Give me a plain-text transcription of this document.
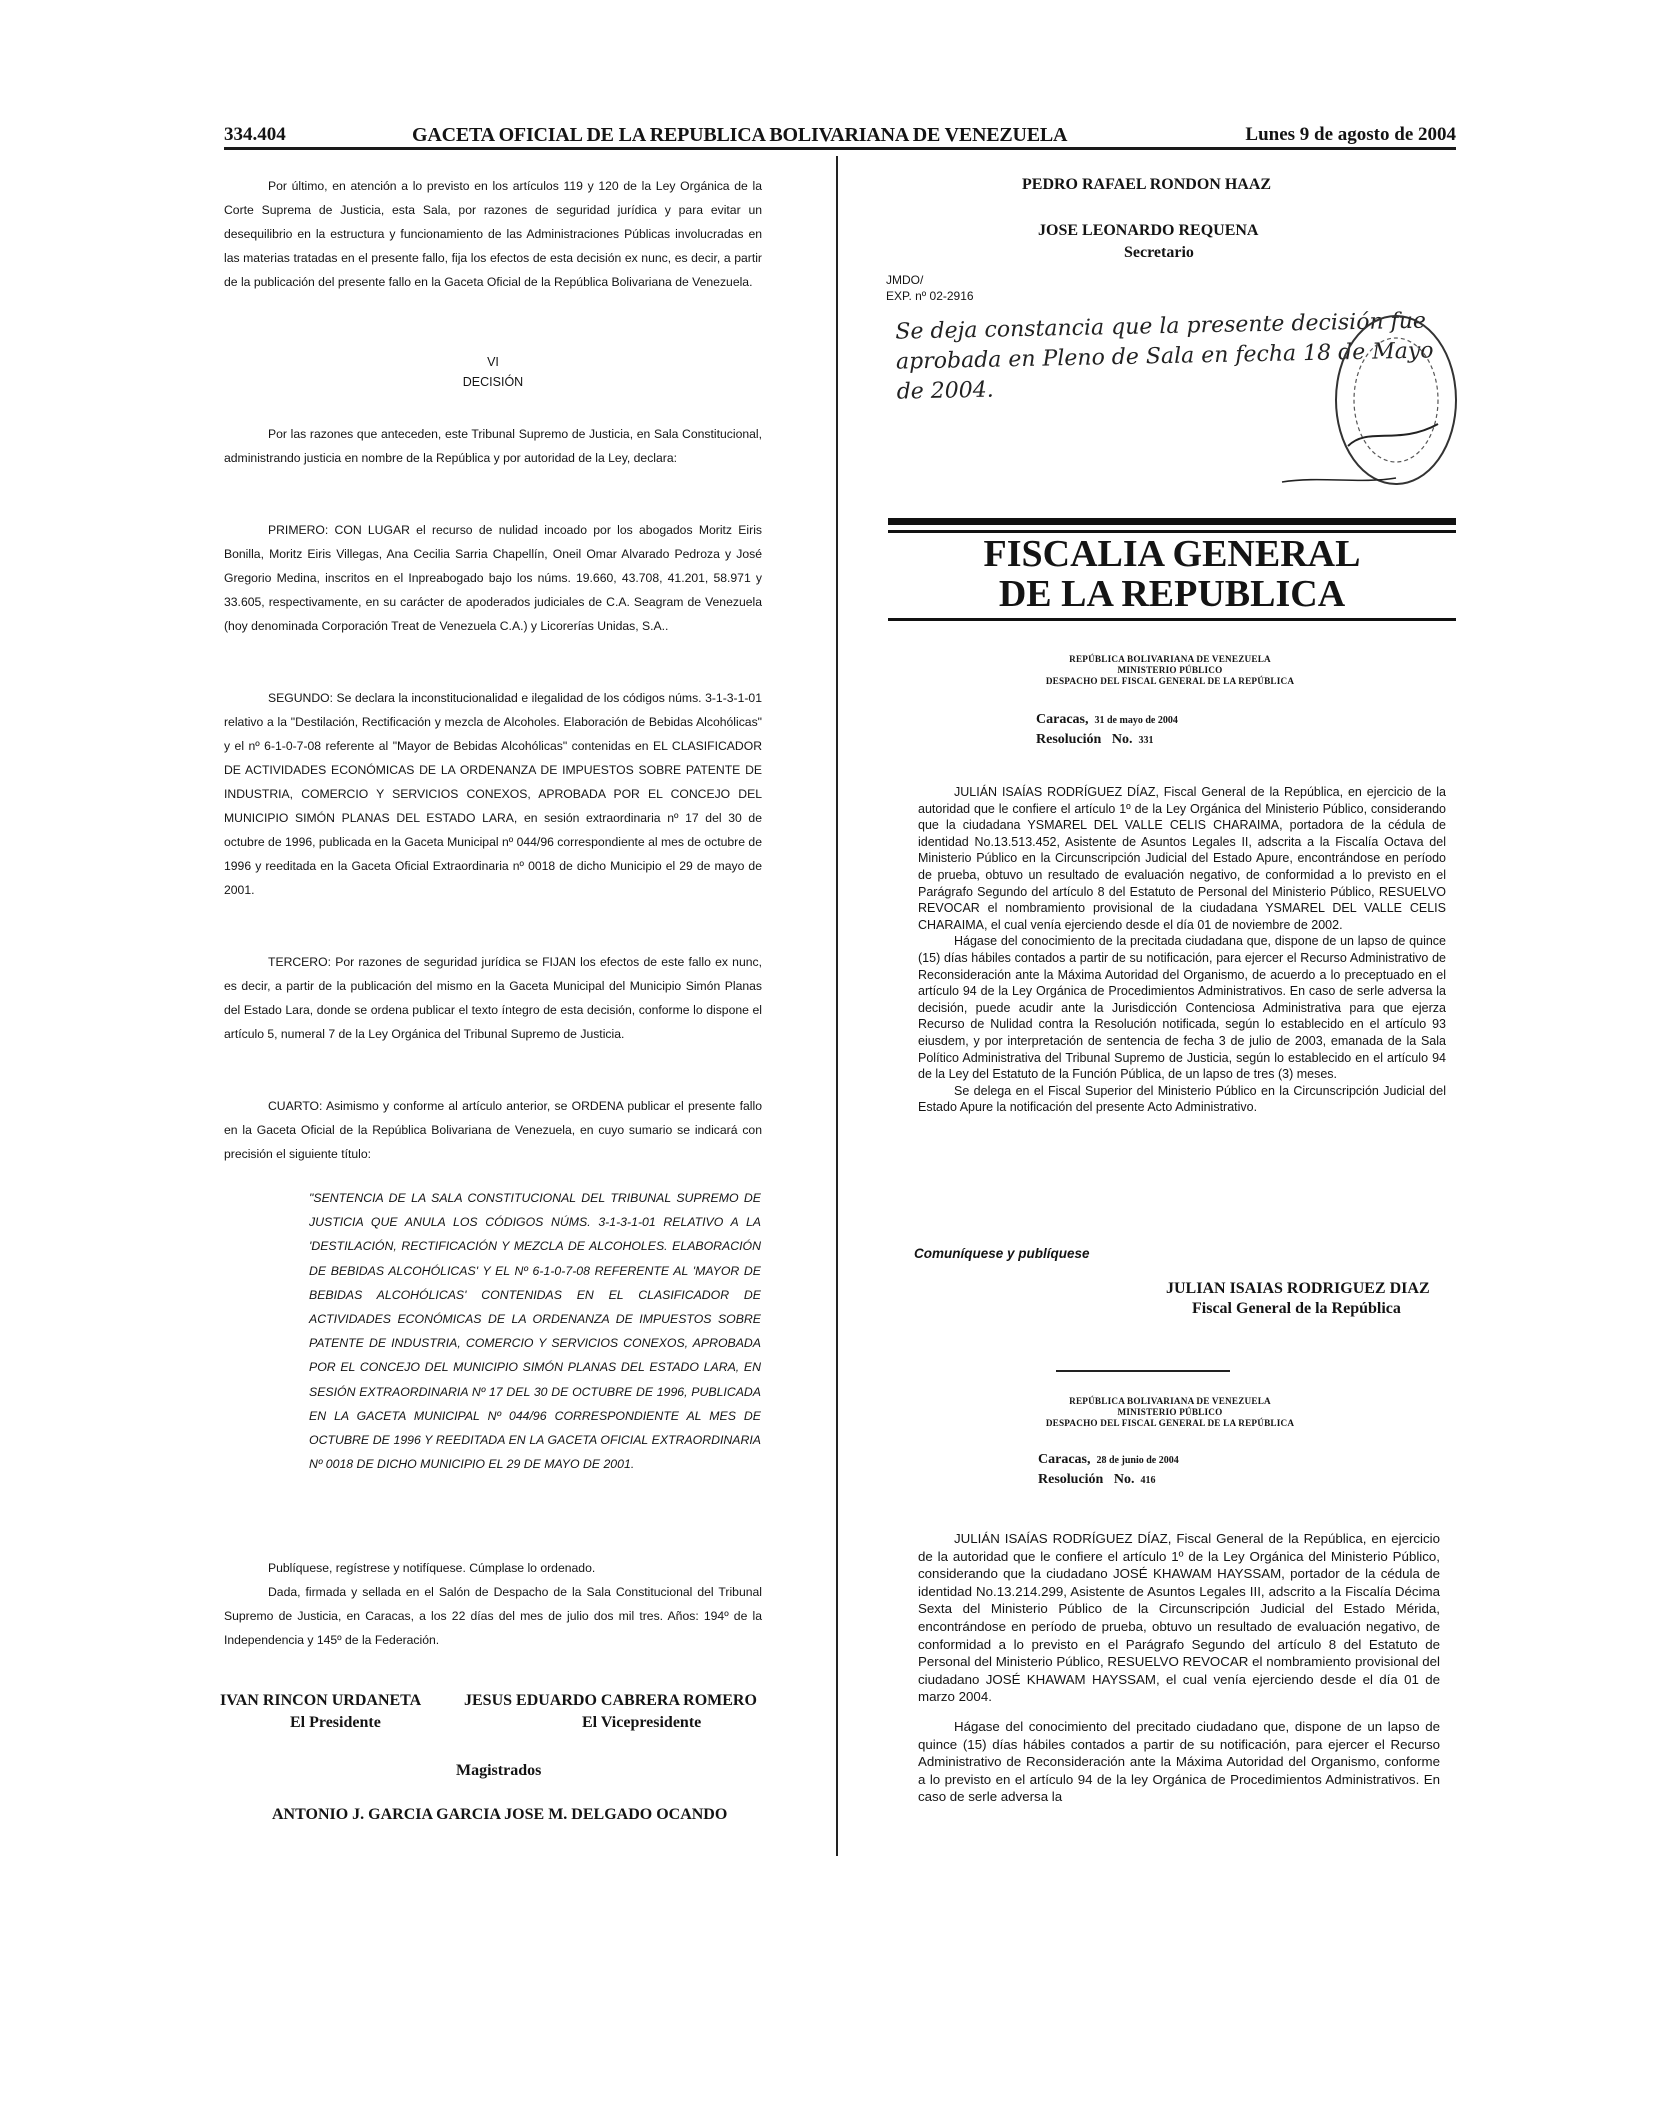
334.404	GACETA OFICIAL DE LA REPUBLICA BOLIVARIANA DE VENEZUELA	Lunes 9 de agosto de 2004

Por último, en atención a lo previsto en los artículos 119 y 120 de la Ley Orgánica de la Corte Suprema de Justicia, esta Sala, por razones de seguridad jurídica y para evitar un desequilibrio en la estructura y funcionamiento de las Administraciones Públicas involucradas en las materias tratadas en el presente fallo, fija los efectos de esta decisión ex nunc, es decir, a partir de la publicación del presente fallo en la Gaceta Oficial de la República Bolivariana de Venezuela.

VI
DECISIÓN

Por las razones que anteceden, este Tribunal Supremo de Justicia, en Sala Constitucional, administrando justicia en nombre de la República y por autoridad de la Ley, declara:

PRIMERO: CON LUGAR el recurso de nulidad incoado por los abogados Moritz Eiris Bonilla, Moritz Eiris Villegas, Ana Cecilia Sarria Chapellín, Oneil Omar Alvarado Pedroza y José Gregorio Medina, inscritos en el Inpreabogado bajo los núms. 19.660, 43.708, 41.201, 58.971 y 33.605, respectivamente, en su carácter de apoderados judiciales de C.A. Seagram de Venezuela (hoy denominada Corporación Treat de Venezuela C.A.) y Licorerías Unidas, S.A..

SEGUNDO: Se declara la inconstitucionalidad e ilegalidad de los códigos núms. 3-1-3-1-01 relativo a la "Destilación, Rectificación y mezcla de Alcoholes. Elaboración de Bebidas Alcohólicas" y el nº 6-1-0-7-08 referente al "Mayor de Bebidas Alcohólicas" contenidas en EL CLASIFICADOR DE ACTIVIDADES ECONÓMICAS DE LA ORDENANZA DE IMPUESTOS SOBRE PATENTE DE INDUSTRIA, COMERCIO Y SERVICIOS CONEXOS, APROBADA POR EL CONCEJO DEL MUNICIPIO SIMÓN PLANAS DEL ESTADO LARA, en sesión extraordinaria nº 17 del 30 de octubre de 1996, publicada en la Gaceta Municipal nº 044/96 correspondiente al mes de octubre de 1996 y reeditada en la Gaceta Oficial Extraordinaria nº 0018 de dicho Municipio el 29 de mayo de 2001.

TERCERO: Por razones de seguridad jurídica se FIJAN los efectos de este fallo ex nunc, es decir, a partir de la publicación del mismo en la Gaceta Municipal del Municipio Simón Planas del Estado Lara, donde se ordena publicar el texto íntegro de esta decisión, conforme lo dispone el artículo 5, numeral 7 de la Ley Orgánica del Tribunal Supremo de Justicia.

CUARTO: Asimismo y conforme al artículo anterior, se ORDENA publicar el presente fallo en la Gaceta Oficial de la República Bolivariana de Venezuela, en cuyo sumario se indicará con precisión el siguiente título:

"SENTENCIA DE LA SALA CONSTITUCIONAL DEL TRIBUNAL SUPREMO DE JUSTICIA QUE ANULA LOS CÓDIGOS NÚMS. 3-1-3-1-01 RELATIVO A LA 'DESTILACIÓN, RECTIFICACIÓN Y MEZCLA DE ALCOHOLES. ELABORACIÓN DE BEBIDAS ALCOHÓLICAS' Y EL Nº 6-1-0-7-08 REFERENTE AL 'MAYOR DE BEBIDAS ALCOHÓLICAS' CONTENIDAS EN EL CLASIFICADOR DE ACTIVIDADES ECONÓMICAS DE LA ORDENANZA DE IMPUESTOS SOBRE PATENTE DE INDUSTRIA, COMERCIO Y SERVICIOS CONEXOS, APROBADA POR EL CONCEJO DEL MUNICIPIO SIMÓN PLANAS DEL ESTADO LARA, EN SESIÓN EXTRAORDINARIA Nº 17 DEL 30 DE OCTUBRE DE 1996, PUBLICADA EN LA GACETA MUNICIPAL Nº 044/96 CORRESPONDIENTE AL MES DE OCTUBRE DE 1996 Y REEDITADA EN LA GACETA OFICIAL EXTRAORDINARIA Nº 0018 DE DICHO MUNICIPIO EL 29 DE MAYO DE 2001.

Publíquese, regístrese y notifíquese. Cúmplase lo ordenado.

Dada, firmada y sellada en el Salón de Despacho de la Sala Constitucional del Tribunal Supremo de Justicia, en Caracas, a los 22 días del mes de julio dos mil tres. Años: 194º de la Independencia y 145º de la Federación.

IVAN RINCON URDANETA
El Presidente
JESUS EDUARDO CABRERA ROMERO
El Vicepresidente
Magistrados
ANTONIO J. GARCIA GARCIA JOSE M. DELGADO OCANDO
PEDRO RAFAEL RONDON HAAZ
JOSE LEONARDO REQUENA
Secretario
JMDO/
EXP. nº 02-2916
Se deja constancia que la presente decisión fue aprobada en Pleno de Sala en fecha 18 de Mayo de 2004.
FISCALIA GENERAL
DE LA REPUBLICA
REPÚBLICA BOLIVARIANA DE VENEZUELA
MINISTERIO PÚBLICO
DESPACHO DEL FISCAL GENERAL DE LA REPÚBLICA
Caracas, 31 de mayo de 2004
Resolución   No. 331

JULIÁN ISAÍAS RODRÍGUEZ DÍAZ, Fiscal General de la República, en ejercicio de la autoridad que le confiere el artículo 1º de la Ley Orgánica del Ministerio Público, considerando que la ciudadana YSMAREL DEL VALLE CELIS CHARAIMA, portadora de la cédula de identidad No.13.513.452, Asistente de Asuntos Legales II, adscrita a la Fiscalía Octava del Ministerio Público en la Circunscripción Judicial del Estado Apure, encontrándose en período de prueba, obtuvo un resultado de evaluación negativo, de conformidad a lo previsto en el Parágrafo Segundo del artículo 8 del Estatuto de Personal del Ministerio Público, RESUELVO REVOCAR el nombramiento provisional de la ciudadana YSMAREL DEL VALLE CELIS CHARAIMA, el cual venía ejerciendo desde el día 01 de noviembre de 2002.

Hágase del conocimiento de la precitada ciudadana que, dispone de un lapso de quince (15) días hábiles contados a partir de su notificación, para ejercer el Recurso Administrativo de Reconsideración ante la Máxima Autoridad del Organismo, de acuerdo a lo preceptuado en el artículo 94 de la Ley Orgánica de Procedimientos Administrativos. En caso de serle adversa la decisión, puede acudir ante la Jurisdicción Contenciosa Administrativa para que ejerza Recurso de Nulidad contra la Resolución notificada, según lo establecido en el artículo 93 eiusdem, y por interpretación de sentencia de fecha 3 de julio de 2003, emanada de la Sala Político Administrativa del Tribunal Supremo de Justicia, según lo establecido en el artículo 94 de la Ley del Estatuto de la Función Pública, de un lapso de tres (3) meses.

Se delega en el Fiscal Superior del Ministerio Público en la Circunscripción Judicial del Estado Apure la notificación del presente Acto Administrativo.

Comuníquese y publíquese
JULIAN ISAIAS RODRIGUEZ DIAZ
Fiscal General de la República
REPÚBLICA BOLIVARIANA DE VENEZUELA
MINISTERIO PÚBLICO
DESPACHO DEL FISCAL GENERAL DE LA REPÚBLICA
Caracas, 28 de junio de 2004
Resolución   No. 416

JULIÁN ISAÍAS RODRÍGUEZ DÍAZ, Fiscal General de la República, en ejercicio de la autoridad que le confiere el artículo 1º de la Ley Orgánica del Ministerio Público, considerando que la ciudadano JOSÉ KHAWAM HAYSSAM, portador de la cédula de identidad No.13.214.299, Asistente de Asuntos Legales III, adscrito a la Fiscalía Décima Sexta del Ministerio Público de la Circunscripción Judicial del Estado Mérida, encontrándose en período de prueba, obtuvo un resultado de evaluación negativo, de conformidad a lo previsto en el Parágrafo Segundo del artículo 8 del Estatuto de Personal del Ministerio Público, RESUELVO REVOCAR el nombramiento provisional del ciudadano JOSÉ KHAWAM HAYSSAM, el cual venía ejerciendo desde el día 01 de marzo 2004.

Hágase del conocimiento del precitado ciudadano que, dispone de un lapso de quince (15) días hábiles contados a partir de su notificación, para ejercer el Recurso Administrativo de Reconsideración ante la Máxima Autoridad del Organismo, conforme a lo previsto en el artículo 94 de la ley Orgánica de Procedimientos Administrativos. En caso de serle adversa la
